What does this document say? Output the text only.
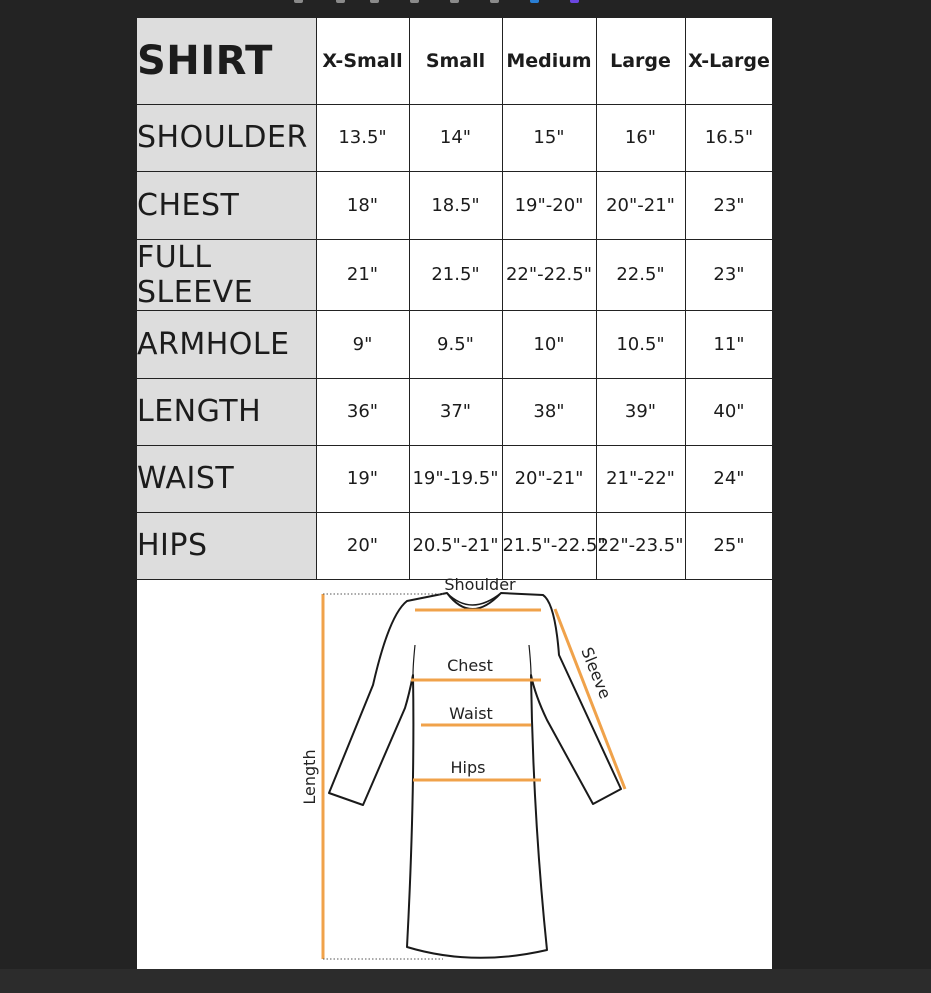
SHIRT	X-Small	Small	Medium	Large	X-Large
SHOULDER	13.5"	14"	15"	16"	16.5"
CHEST	18"	18.5"	19"-20"	20"-21"	23"
FULL SLEEVE	21"	21.5"	22"-22.5"	22.5"	23"
ARMHOLE	9"	9.5"	10"	10.5"	11"
LENGTH	36"	37"	38"	39"	40"
WAIST	19"	19"-19.5"	20"-21"	21"-22"	24"
HIPS	20"	20.5"-21"	21.5"-22.5"	22"-23.5"	25"
Shoulder
Chest
Waist
Hips
Length
Sleeve
